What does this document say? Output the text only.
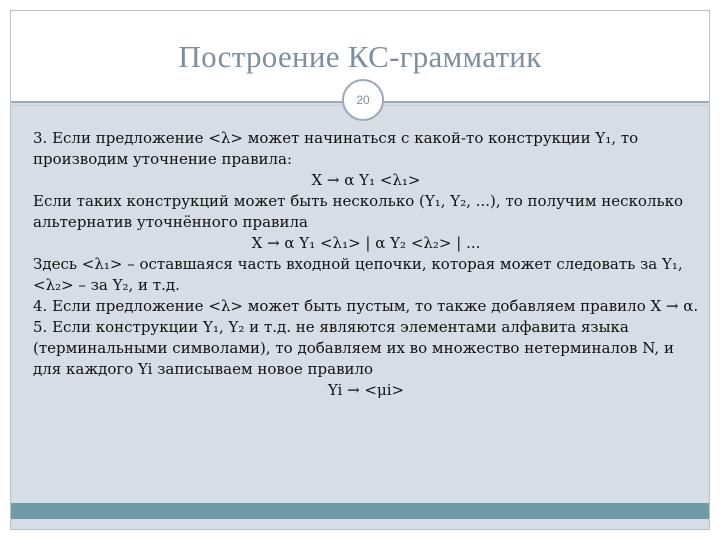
Построение КС-грамматик
20

3. Если предложение <λ> может начинаться с какой-то конструкции Y₁, то производим уточнение правила:

X → α Y₁ <λ₁>

Если таких конструкций может быть несколько (Y₁, Y₂, ...), то получим несколько альтернатив уточнённого правила

X → α Y₁ <λ₁> | α Y₂ <λ₂> | ...

Здесь <λ₁> – оставшаяся часть входной цепочки, которая может следовать за Y₁, <λ₂> – за Y₂, и т.д.

4. Если предложение <λ> может быть пустым, то также добавляем правило X → α.

5. Если конструкции Y₁, Y₂ и т.д. не являются элементами алфавита языка (терминальными символами), то добавляем их во множество нетерминалов N, и для каждого Yi записываем новое правило

Yi → <μi>
